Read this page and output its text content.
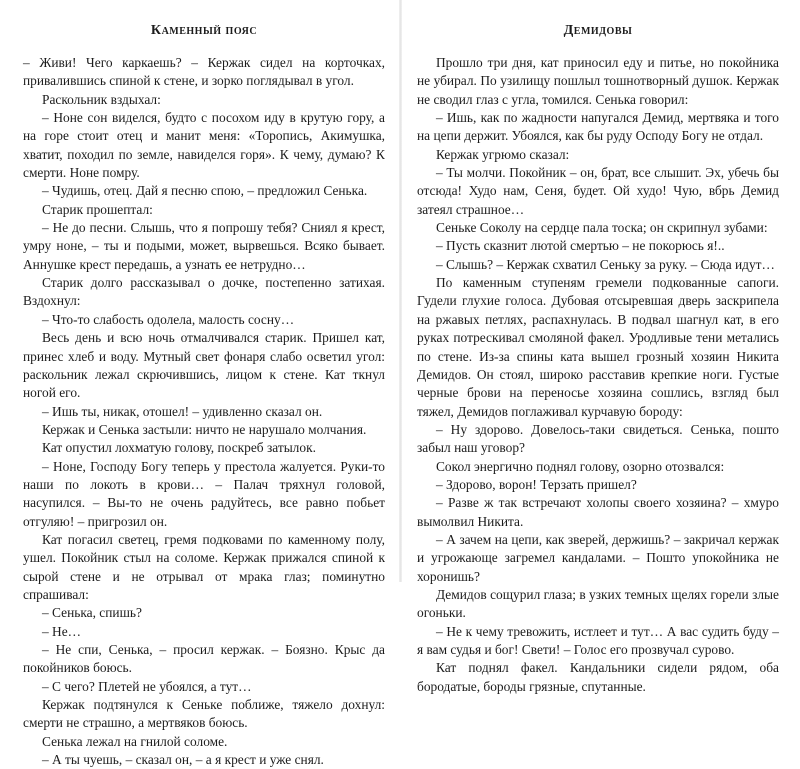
Каменный пояс

– Живи! Чего каркаешь? – Кержак сидел на корточках, привалившись спиной к стене, и зорко поглядывал в угол.

Раскольник вздыхал:

– Ноне сон виделся, будто с посохом иду в крутую гору, а на горе стоит отец и манит меня: «Торопись, Акимушка, хватит, походил по земле, навиделся горя». К чему, думаю? К смерти. Ноне помру.

– Чудишь, отец. Дай я песню спою, – предложил Сенька.

Старик прошептал:

– Не до песни. Слышь, что я попрошу тебя? Сниял я крест, умру ноне, – ты и подыми, может, вырвешься. Всяко бывает. Аннушке крест передашь, а узнать ее нетрудно…

Старик долго рассказывал о дочке, постепенно затихая. Вздохнул:

– Что-то слабость одолела, малость сосну…

Весь день и всю ночь отмалчивался старик. Пришел кат, принес хлеб и воду. Мутный свет фонаря слабо осветил угол: раскольник лежал скрючившись, лицом к стене. Кат ткнул ногой его.

– Ишь ты, никак, отошел! – удивленно сказал он.

Кержак и Сенька застыли: ничто не нарушало молчания.

Кат опустил лохматую голову, поскреб затылок.

– Ноне, Господу Богу теперь у престола жалуется. Руки-то наши по локоть в крови… – Палач тряхнул головой, насупился. – Вы-то не очень радуйтесь, все равно побьет отгуляю! – пригрозил он.

Кат погасил светец, гремя подковами по каменному полу, ушел. Покойник стыл на соломе. Кержак прижался спиной к сырой стене и не отрывал от мрака глаз; поминутно спрашивал:

– Сенька, спишь?

– Не…

– Не спи, Сенька, – просил кержак. – Боязно. Крыс да покойников боюсь.

– С чего? Плетей не убоялся, а тут…

Кержак подтянулся к Сеньке поближе, тяжело дохнул: смерти не страшно, а мертвяков боюсь.

Сенька лежал на гнилой соломе.

– А ты чуешь, – сказал он, – а я крест и уже снял.

Демидовы

Прошло три дня, кат приносил еду и питье, но покойника не убирал. По узилищу пошлыл тошнотворный душок. Кержак не сводил глаз с угла, томился. Сенька говорил:

– Ишь, как по жадности напугался Демид, мертвяка и того на цепи держит. Убоялся, как бы руду Осподу Богу не отдал.

Кержак угрюмо сказал:

– Ты молчи. Покойник – он, брат, все слышит. Эх, убечь бы отсюда! Худо нам, Сеня, будет. Ой худо! Чую, вбрь Демид затеял страшное…

Сеньке Соколу на сердце пала тоска; он скрипнул зубами:

– Пусть сказнит лютой смертью – не покорюсь я!..

– Слышь? – Кержак схватил Сеньку за руку. – Сюда идут…

По каменным ступеням гремели подкованные сапоги. Гудели глухие голоса. Дубовая отсыревшая дверь заскрипела на ржавых петлях, распахнулась. В подвал шагнул кат, в его руках потрескивал смоляной факел. Уродливые тени метались по стене. Из-за спины ката вышел грозный хозяин Никита Демидов. Он стоял, широко расставив крепкие ноги. Густые черные брови на переносье хозяина сошлись, взгляд был тяжел, Демидов поглаживал курчавую бороду:

– Ну здорово. Довелось-таки свидеться. Сенька, пошто забыл наш уговор?

Сокол энергично поднял голову, озорно отозвался:

– Здорово, ворон! Терзать пришел?

– Разве ж так встречают холопы своего хозяина? – хмуро вымолвил Никита.

– А зачем на цепи, как зверей, держишь? – закричал кержак и угрожающе загремел кандалами. – Пошто упокойника не хоронишь?

Демидов сощурил глаза; в узких темных щелях горели злые огоньки.

– Не к чему тревожить, истлеет и тут… А вас судить буду – я вам судья и бог! Свети! – Голос его прозвучал сурово.

Кат поднял факел. Кандальники сидели рядом, оба бородатые, бороды грязные, спутанные.
